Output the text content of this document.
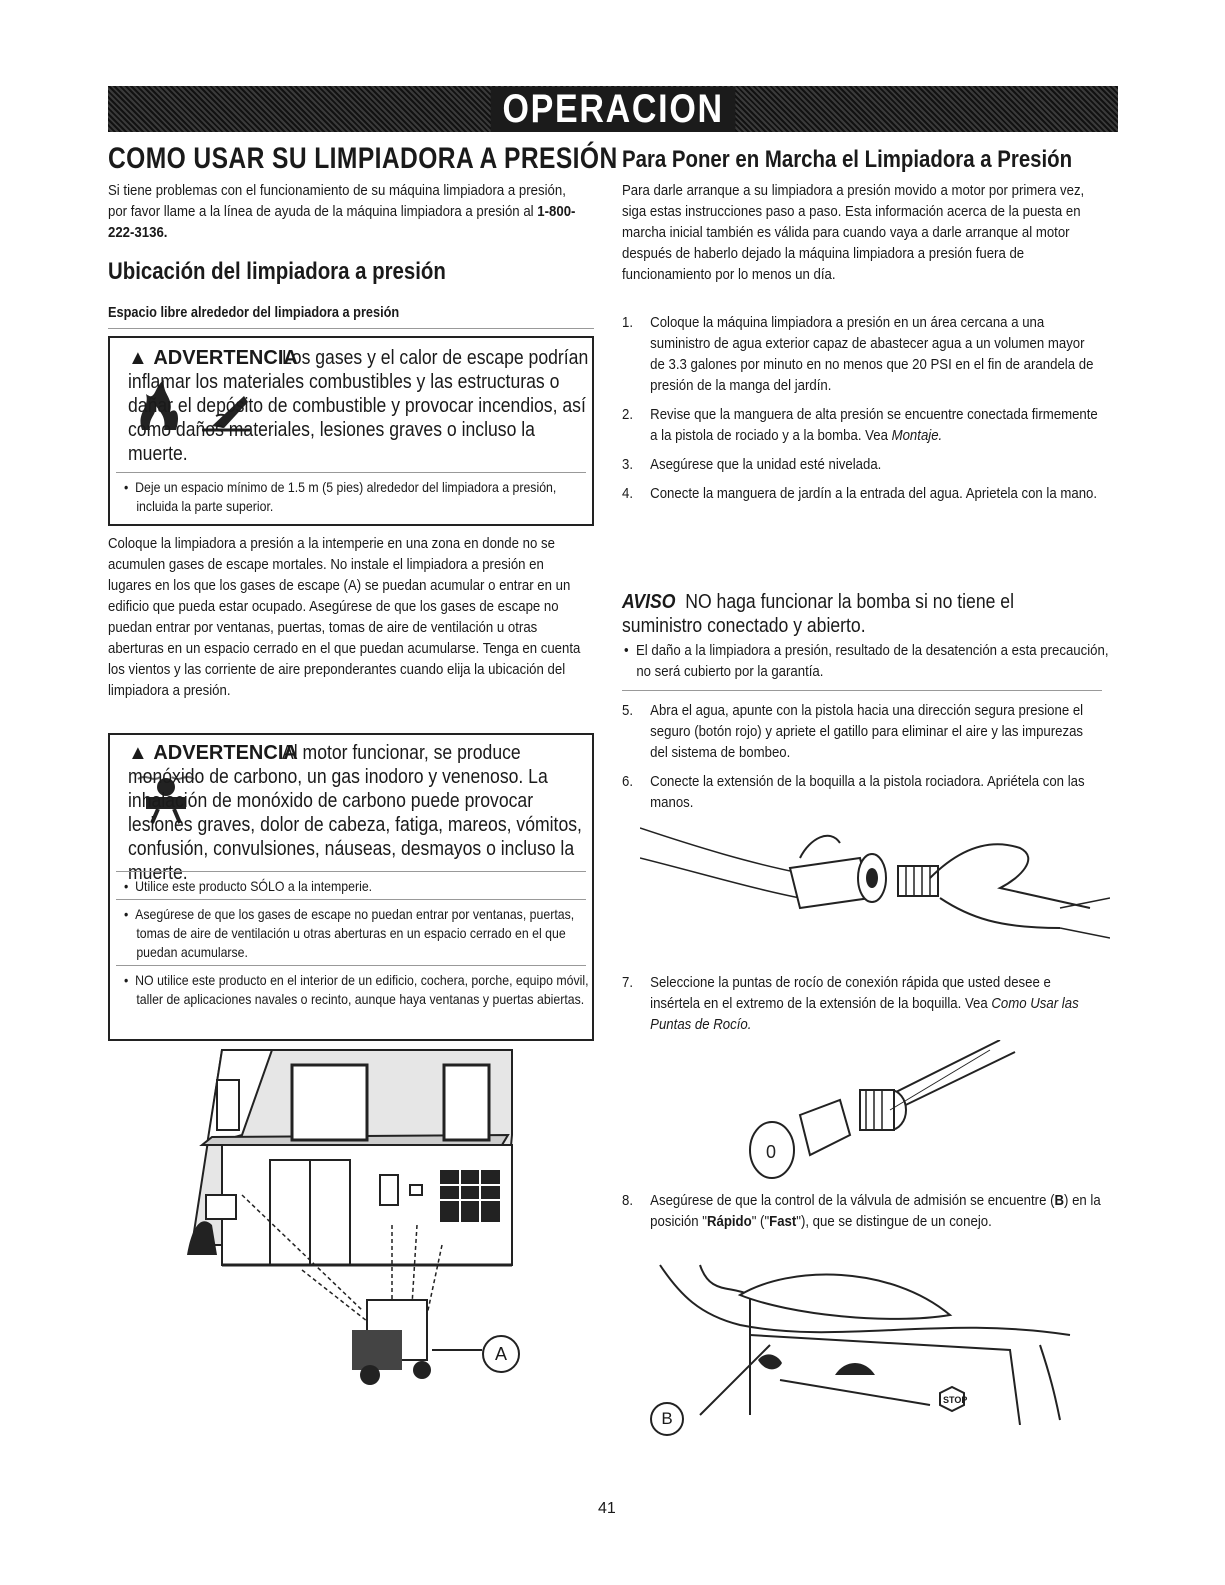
OPERACION
COMO USAR SU LIMPIADORA A PRESIÓN
Si tiene problemas con el funcionamiento de su máquina limpiadora a presión, por favor llame a la línea de ayuda de la máquina limpiadora a presión al 1-800-222-3136.
Ubicación del limpiadora a presión
Espacio libre alrededor del limpiadora a presión
▲ ADVERTENCIA
Los gases y el calor de escape podrían inflamar los materiales combustibles y las estructuras o dañar el depósito de combustible y provocar incendios, así como daños materiales, lesiones graves o incluso la muerte.
•  Deje un espacio mínimo de 1.5 m (5 pies) alrededor del limpiadora a presión, incluida la parte superior.
Coloque la limpiadora a presión a la intemperie en una zona en donde no se acumulen gases de escape mortales. No instale el limpiadora a presión en lugares en los que los gases de escape (A) se puedan acumular o entrar en un edificio que pueda estar ocupado. Asegúrese de que los gases de escape no puedan entrar por ventanas, puertas, tomas de aire de ventilación u otras aberturas en un espacio cerrado en el que puedan acumularse. Tenga en cuenta los vientos y las corriente de aire preponderantes cuando elija la ubicación del limpiadora a presión.
▲ ADVERTENCIA
Al motor funcionar, se produce monóxido de carbono, un gas inodoro y venenoso. La inhalación de monóxido de carbono puede provocar lesiones graves, dolor de cabeza, fatiga, mareos, vómitos, confusión, convulsiones, náuseas, desmayos o incluso la muerte.
•  Utilice este producto SÓLO a la intemperie.
•  Asegúrese de que los gases de escape no puedan entrar por ventanas, puertas, tomas de aire de ventilación u otras aberturas en un espacio cerrado en el que puedan acumularse.
•  NO utilice este producto en el interior de un edificio, cochera, porche, equipo móvil, taller de aplicaciones navales o recinto, aunque haya ventanas y puertas abiertas.
A
Para Poner en Marcha el Limpiadora a Presión
Para darle arranque a su limpiadora a presión movido a motor por primera vez, siga estas instrucciones paso a paso. Esta información acerca de la puesta en marcha inicial también es válida para cuando vaya a darle arranque al motor después de haberlo dejado la máquina limpiadora a presión fuera de funcionamiento por lo menos un día.
1.	Coloque la máquina limpiadora a presión en un área cercana a una suministro de agua exterior capaz de abastecer agua a un volumen mayor de 3.3 galones por minuto en no menos que 20 PSI en el fin de arandela de presión de la manga del jardín.
2.	Revise que la manguera de alta presión se encuentre conectada firmemente a la pistola de rociado y a la bomba. Vea Montaje.
3.	Asegúrese que la unidad esté nivelada.
4.	Conecte la manguera de jardín a la entrada del agua. Aprietela con la mano.
AVISO NO haga funcionar la bomba si no tiene el suministro conectado y abierto.
•  El daño a la limpiadora a presión, resultado de la desatención a esta precaución, no será cubierto por la garantía.
5.	Abra el agua, apunte con la pistola hacia una dirección segura presione el seguro (botón rojo) y apriete el gatillo para eliminar el aire y las impurezas del sistema de bombeo.
6.	Conecte la extensión de la boquilla a la pistola rociadora. Apriétela con las manos.
7.	Seleccione la puntas de rocío de conexión rápida que usted desee e insértela en el extremo de la extensión de la boquilla. Vea Como Usar las Puntas de Rocío.
0
8.	Asegúrese de que la control de la válvula de admisión se encuentre (B) en la posición "Rápido" ("Fast"), que se distingue de un conejo.
STOP
B
41
